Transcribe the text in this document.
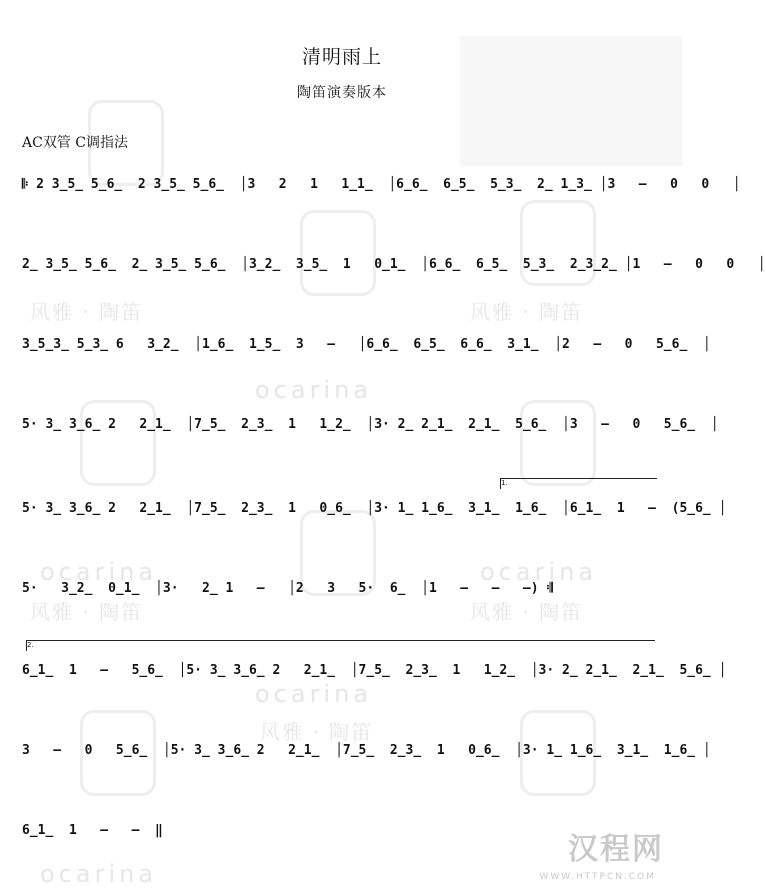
风雅 · 陶笛	风雅 · 陶笛
ocarina
ocarina	ocarina
风雅 · 陶笛	风雅 · 陶笛
ocarina
风雅 · 陶笛
ocarina
清明雨上
陶笛演奏版本
AC双管 C调指法
1.
2.
𝄆 2 3̲5̲ 5̲6̲  2 3̲5̲ 5̲6̲  │3   2   1   1̲1̲  │6̲6̲  6̲5̲  5̲3̲  2̲ 1̲3̲ │3   –   0   0   │
2̲ 3̲5̲ 5̲6̲  2̲ 3̲5̲ 5̲6̲  │3̲2̲  3̲5̲  1   0̲1̲  │6̲6̲  6̲5̲  5̲3̲  2̲3̲2̲ │1   –   0   0   │
3̲5̲3̲ 5̲3̲ 6   3̲2̲  │1̲6̲  1̲5̲  3   –   │6̲6̲  6̲5̲  6̲6̲  3̲1̲  │2   –   0   5̲6̲  │
5· 3̲ 3̲6̲ 2   2̲1̲  │7̲5̲  2̲3̲  1   1̲2̲  │3· 2̲ 2̲1̲  2̲1̲  5̲6̲  │3   –   0   5̲6̲  │
5· 3̲ 3̲6̲ 2   2̲1̲  │7̲5̲  2̲3̲  1   0̲6̲  │3· 1̲ 1̲6̲  3̲1̲  1̲6̲  │6̲1̲  1   –  (5̲6̲ │
5·   3̲2̲  0̲1̲  │3·   2̲ 1   –   │2   3   5·  6̲  │1   –   –   –) 𝄇
6̲1̲  1   –   5̲6̲  │5· 3̲ 3̲6̲ 2   2̲1̲  │7̲5̲  2̲3̲  1   1̲2̲  │3· 2̲ 2̲1̲  2̲1̲  5̲6̲ │
3   –   0   5̲6̲  │5· 3̲ 3̲6̲ 2   2̲1̲  │7̲5̲  2̲3̲  1   0̲6̲  │3· 1̲ 1̲6̲  3̲1̲  1̲6̲ │
6̲1̲  1   –   –  ‖
汉程网
WWW.HTTPCN.COM
